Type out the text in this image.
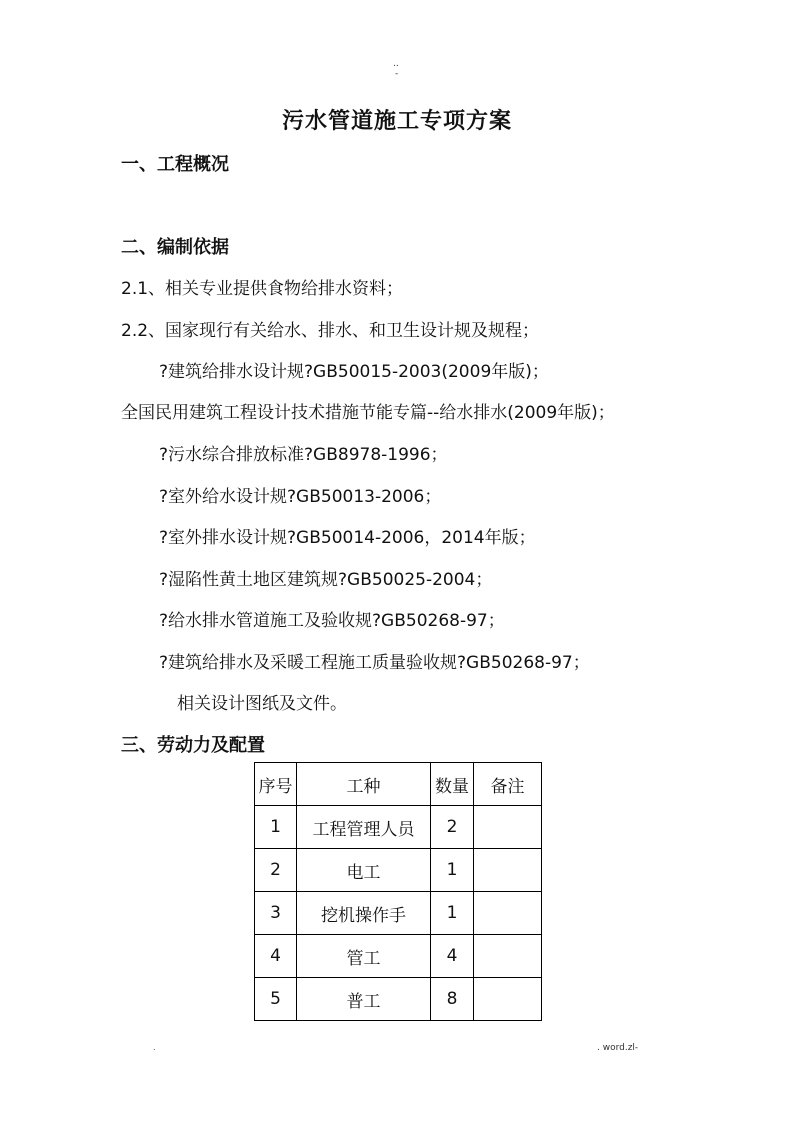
..
-
污水管道施工专项方案
一、工程概况
二、编制依据
2.1、相关专业提供食物给排水资料；
2.2、国家现行有关给水、排水、和卫生设计规及规程；
?建筑给排水设计规?GB50015-2003(2009年版)；
全国民用建筑工程设计技术措施节能专篇--给水排水(2009年版)；
?污水综合排放标准?GB8978-1996；
?室外给水设计规?GB50013-2006；
?室外排水设计规?GB50014-2006，2014年版；
?湿陷性黄土地区建筑规?GB50025-2004；
?给水排水管道施工及验收规?GB50268-97；
?建筑给排水及采暖工程施工质量验收规?GB50268-97；
相关设计图纸及文件。
三、劳动力及配置
序号	工种	数量	备注
1	工程管理人员	2	
2	电工	1	
3	挖机操作手	1	
4	管工	4	
5	普工	8	
.	. word.zl-
